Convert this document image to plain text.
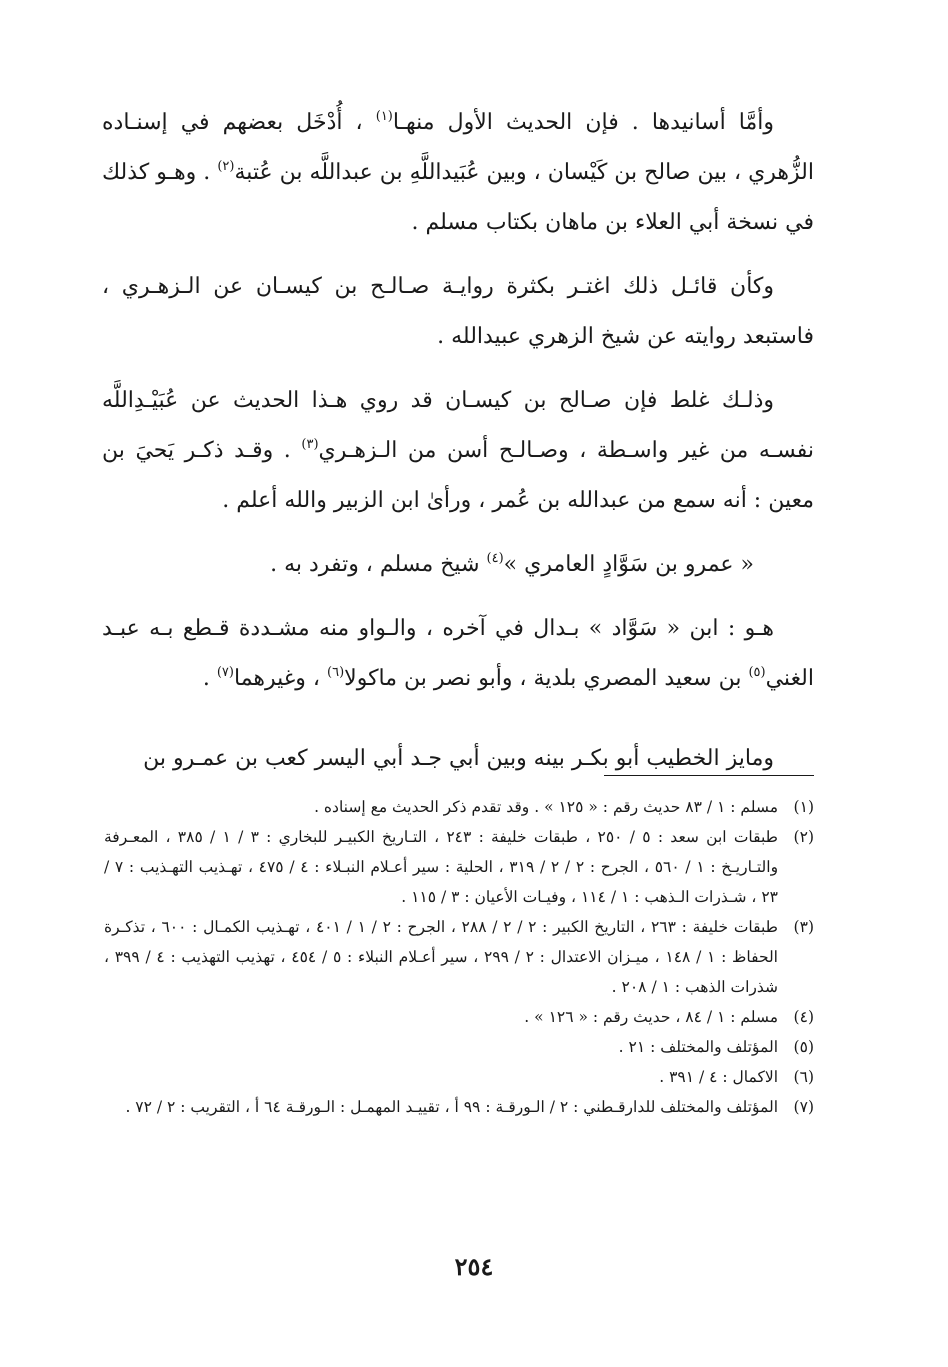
وأمَّا أسانيدها . فإن الحديث الأول منهـا$^{(١)}$ ، أُدْخَل بعضهم في إسنـاده الزُّهري ، بين صالح بن كَيْسان ، وبين عُبَيداللَّهِ بن عبداللَّه بن عُتبة$^{(٢)}$ . وهـو كذلك في نسخة أبي العلاء بن ماهان بكتاب مسلم .

وكأن قائـل ذلك اغتـر بكثرة روايـة صـالـح بن كيسـان عن الـزهـري ، فاستبعد روايته عن شيخ الزهري عبيدالله .

وذلـك غلط فإن صـالح بن كيسـان قد روي هـذا الحديث عن عُبَيْـدِاللَّه نفسـه من غير واسـطة ، وصـالـح أسن من الـزهـري$^{(٣)}$ . وقـد ذكـر يَحيَ بن معين : أنه سمع من عبدالله بن عُمر ، ورأىٰ ابن الزبير والله أعلم .

« عمرو بن سَوَّادٍ العامري »$^{(٤)}$ شيخ مسلم ، وتفرد به .

هـو : ابن « سَوَّاد » بـدال في آخره ، والـواو منه مشـددة قـطع بـه عبـد الغني$^{(٥)}$ بن سعيد المصري بلدية ، وأبو نصر بن ماكولا$^{(٦)}$ ، وغيرهما$^{(٧)}$ .

ومايز الخطيب أبو بكـر بينه وبين أبي جـد أبي اليسر كعب بن عمـرو بن

(١)
مسلم : ١ / ٨٣ حديث رقم : « ١٢٥ » . وقد تقدم ذكر الحديث مع إسناده .
(٢)
طبقات ابن سعد : ٥ / ٢٥٠ ، طبقات خليفة : ٢٤٣ ، التـاريخ الكبيـر للبخاري : ٣ / ١ / ٣٨٥ ، المعـرفة والتـاريـخ : ١ / ٥٦٠ ، الجرح : ٢ / ٢ / ٣١٩ ، الحلية : سير أعـلام النبـلاء : ٤ / ٤٧٥ ، تهـذيب التهـذيب : ٧ / ٢٣ ، شـذرات الـذهب : ١ / ١١٤ ، وفيـات الأعيان : ٣ / ١١٥ .
(٣)
طبقات خليفة : ٢٦٣ ، التاريخ الكبير : ٢ / ٢ / ٢٨٨ ، الجرح : ٢ / ١ / ٤٠١ ، تهـذيب الكمـال : ٦٠٠ ، تذكـرة الحفاظ : ١ / ١٤٨ ، ميـزان الاعتدال : ٢ / ٢٩٩ ، سير أعـلام النبلاء : ٥ / ٤٥٤ ، تهذيب التهذيب : ٤ / ٣٩٩ ، شذرات الذهب : ١ / ٢٠٨ .
(٤)
مسلم : ١ / ٨٤ ، حديث رقم : « ١٢٦ » .
(٥)
المؤتلف والمختلف : ٢١ .
(٦)
الاكمال : ٤ / ٣٩١ .
(٧)
المؤتلف والمختلف للدارقـطني : ٢ / الـورقـة : ٩٩ أ ، تقييـد المهمـل : الـورقـة ٦٤ أ ، التقريب : ٢ / ٧٢ .
٢٥٤
